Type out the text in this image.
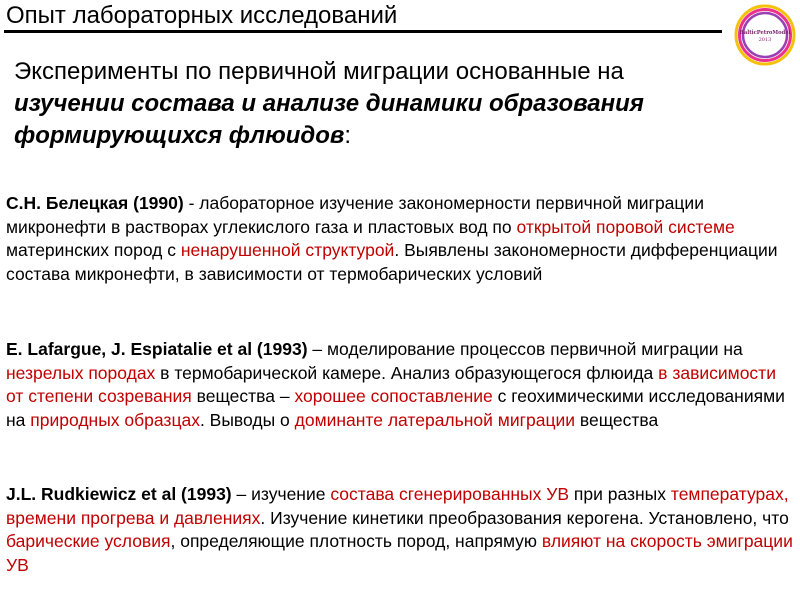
Опыт лабораторных исследований
BalticPetroModel
2013

Эксперименты по первичной миграции основанные на изучении состава и анализе динамики образования формирующихся флюидов:

С.Н. Белецкая (1990) - лабораторное изучение закономерности первичной миграции микронефти в растворах углекислого газа и пластовых вод по открытой поровой системе материнских пород с ненарушенной структурой. Выявлены закономерности дифференциации состава микронефти, в зависимости от термобарических условий

E. Lafargue, J. Espiatalie et al (1993) – моделирование процессов первичной миграции на незрелых породах в термобарической камере. Анализ образующегося флюида в зависимости от степени созревания вещества – хорошее сопоставление с геохимическими исследованиями на природных образцах. Выводы о доминанте латеральной миграции вещества

J.L. Rudkiewicz et al (1993) – изучение состава сгенерированных УВ при разных температурах, времени прогрева и давлениях. Изучение кинетики преобразования керогена. Установлено, что барические условия, определяющие плотность пород, напрямую влияют на скорость эмиграции УВ
